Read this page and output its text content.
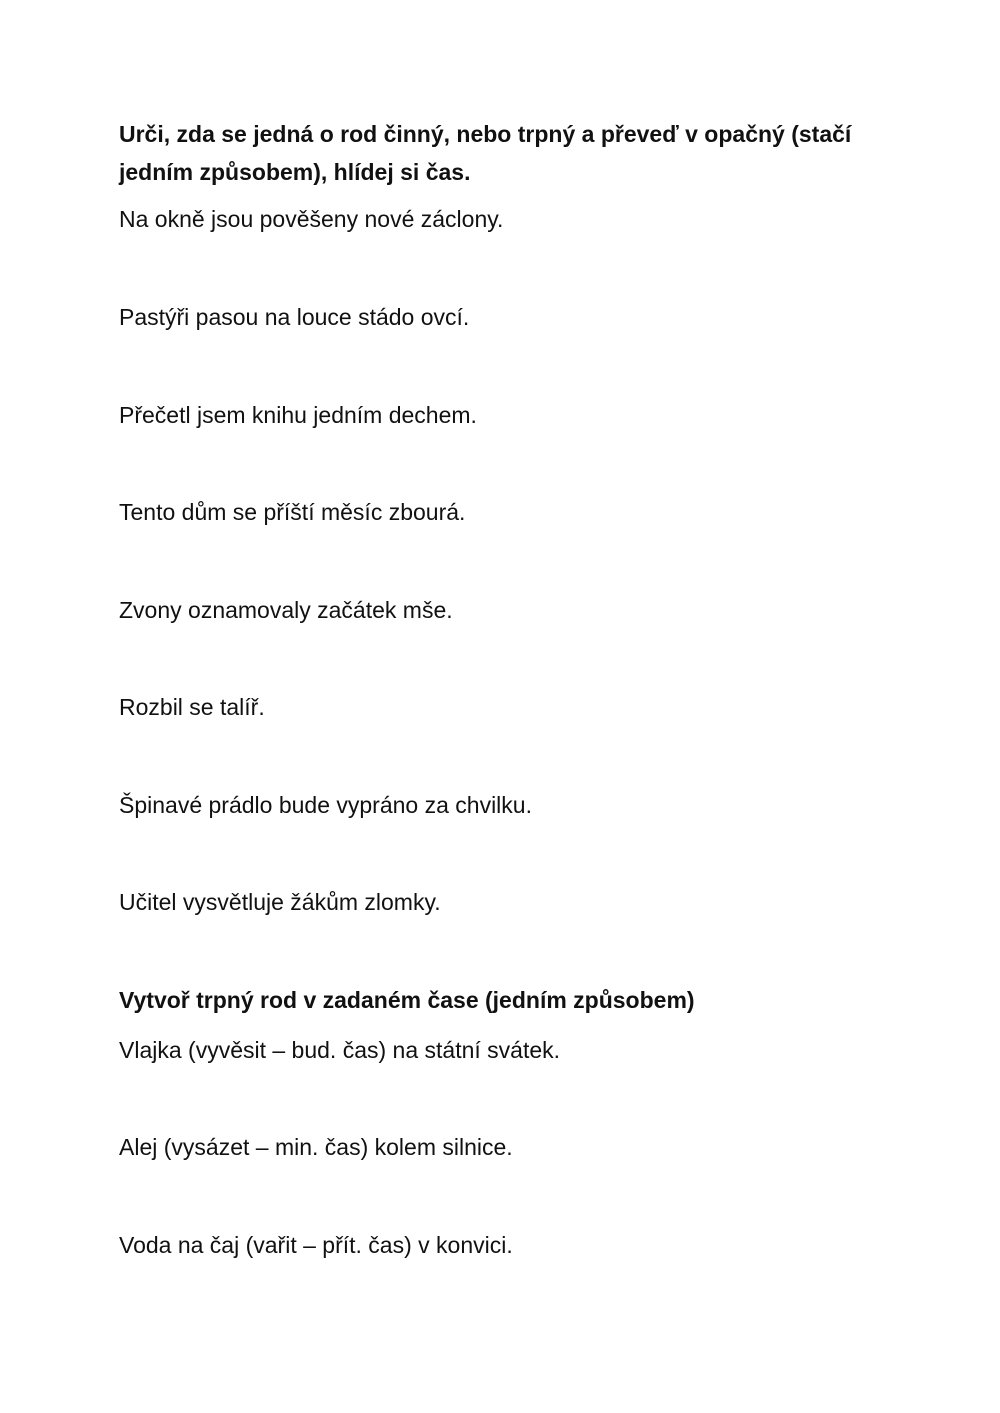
Urči, zda se jedná o rod činný, nebo trpný a převeď v opačný (stačí jedním způsobem), hlídej si čas.
Na okně jsou pověšeny nové záclony.
Pastýři pasou na louce stádo ovcí.
Přečetl jsem knihu jedním dechem.
Tento dům se příští měsíc zbourá.
Zvony oznamovaly začátek mše.
Rozbil se talíř.
Špinavé prádlo bude vypráno za chvilku.
Učitel vysvětluje žákům zlomky.
Vytvoř trpný rod v zadaném čase (jedním způsobem)
Vlajka (vyvěsit – bud. čas) na státní svátek.
Alej (vysázet – min. čas) kolem silnice.
Voda na čaj (vařit – přít. čas) v konvici.
